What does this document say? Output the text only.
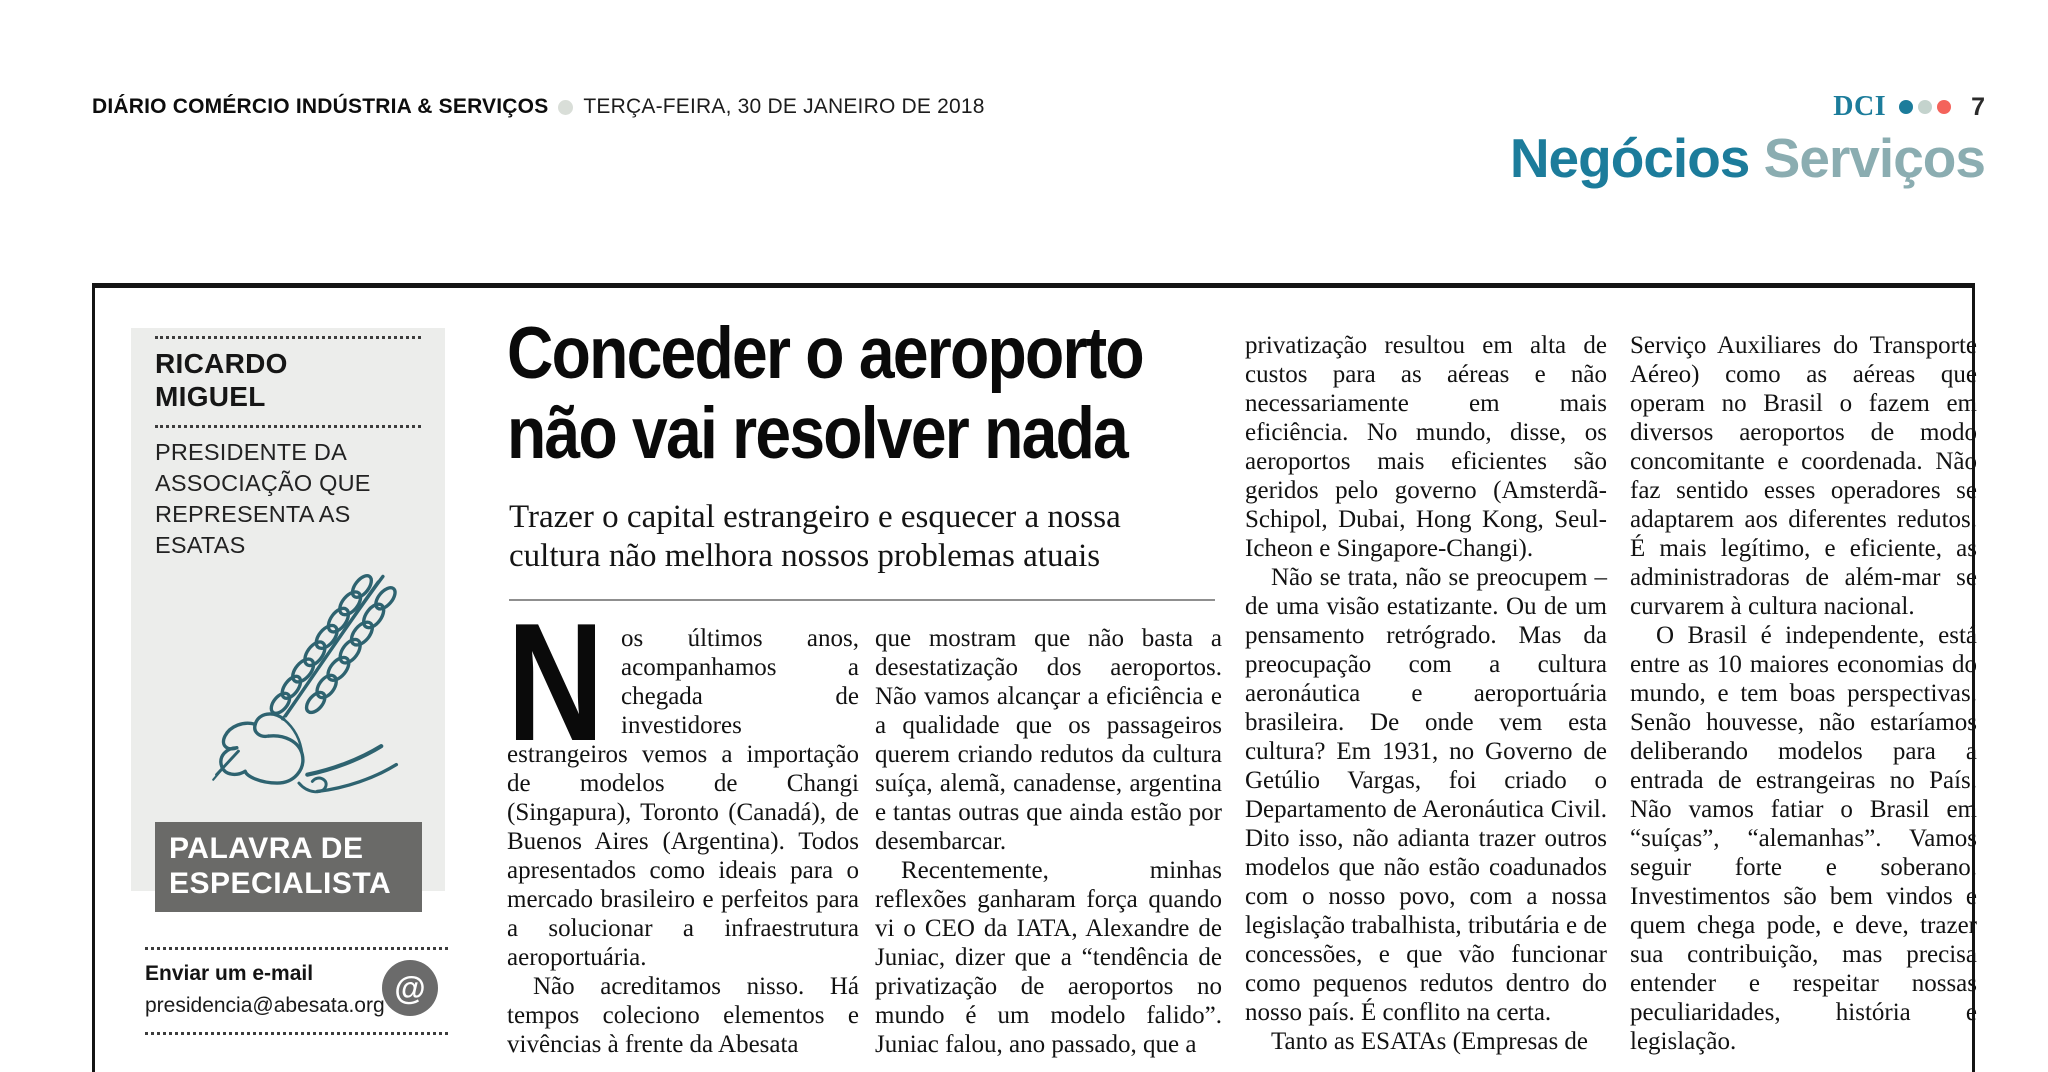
DIÁRIO COMÉRCIO INDÚSTRIA & SERVIÇOS TERÇA-FEIRA, 30 DE JANEIRO DE 2018	DCI	7
Negócios Serviços
RICARDO MIGUEL
PRESIDENTE DA ASSOCIAÇÃO QUE REPRESENTA AS ESATAS
PALAVRA DE ESPECIALISTA

Enviar um e-mail

presidencia@abesata.org @
Conceder o aeroporto
não vai resolver nada
Trazer o capital estrangeiro e esquecer a nossa cultura não melhora nossos problemas atuais

Nos últimos anos, acompanhamos a chegada de investidores estrangeiros vemos a importação de modelos de Changi (Singapura), Toronto (Canadá), de Buenos Aires (Argentina). Todos apresentados como ideais para o mercado brasileiro e perfeitos para a solucionar a infraestrutura aeroportuária.

Não acreditamos nisso. Há tempos coleciono elementos e vivências à frente da Abesata

que mostram que não basta a desestatização dos aeroportos. Não vamos alcançar a eficiência e a qualidade que os passageiros querem criando redutos da cultura suíça, alemã, canadense, argentina e tantas outras que ainda estão por desembarcar.

Recentemente, minhas reflexões ganharam força quando vi o CEO da IATA, Alexandre de Juniac, dizer que a “tendência de privatização de aeroportos no mundo é um modelo falido”. Juniac falou, ano passado, que a

privatização resultou em alta de custos para as aéreas e não necessariamente em mais eficiência. No mundo, disse, os aeroportos mais eficientes são geridos pelo governo (Amsterdã-Schipol, Dubai, Hong Kong, Seul-Icheon e Singapore-Changi).

Não se trata, não se preocupem – de uma visão estatizante. Ou de um pensamento retrógrado. Mas da preocupação com a cultura aeronáutica e aeroportuária brasileira. De onde vem esta cultura? Em 1931, no Governo de Getúlio Vargas, foi criado o Departamento de Aeronáutica Civil. Dito isso, não adianta trazer outros modelos que não estão coadunados com o nosso povo, com a nossa legislação trabalhista, tributária e de concessões, e que vão funcionar como pequenos redutos dentro do nosso país. É conflito na certa.

Tanto as ESATAs (Empresas de

Serviço Auxiliares do Transporte Aéreo) como as aéreas que operam no Brasil o fazem em diversos aeroportos de modo concomitante e coordenada. Não faz sentido esses operadores se adaptarem aos diferentes redutos. É mais legítimo, e eficiente, as administradoras de além-mar se curvarem à cultura nacional.

O Brasil é independente, está entre as 10 maiores economias do mundo, e tem boas perspectivas. Senão houvesse, não estaríamos deliberando modelos para a entrada de estrangeiras no País. Não vamos fatiar o Brasil em “suíças”, “alemanhas”. Vamos seguir forte e soberano. Investimentos são bem vindos e quem chega pode, e deve, trazer sua contribuição, mas precisa entender e respeitar nossas peculiaridades, história e legislação.
